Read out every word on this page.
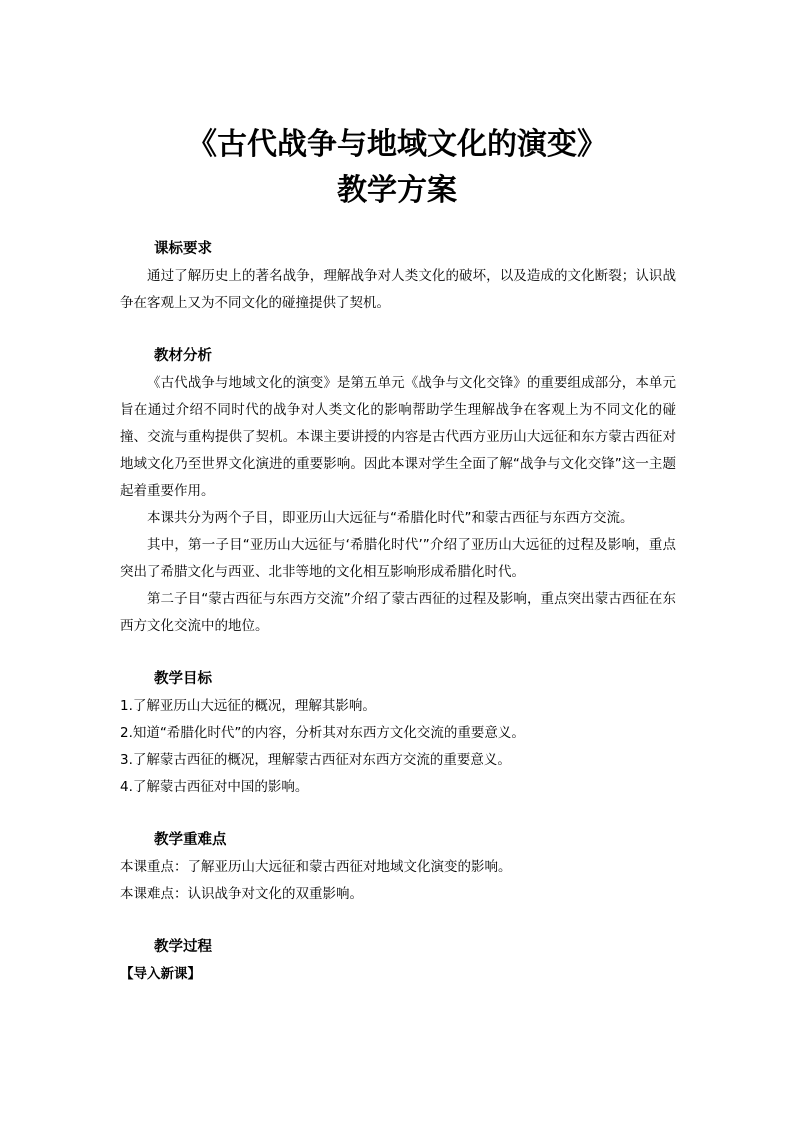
《古代战争与地域文化的演变》
教学方案
课标要求
通过了解历史上的著名战争，理解战争对人类文化的破坏，以及造成的文化断裂；认识战争在客观上又为不同文化的碰撞提供了契机。
教材分析
《古代战争与地域文化的演变》是第五单元《战争与文化交锋》的重要组成部分，本单元旨在通过介绍不同时代的战争对人类文化的影响帮助学生理解战争在客观上为不同文化的碰撞、交流与重构提供了契机。本课主要讲授的内容是古代西方亚历山大远征和东方蒙古西征对地域文化乃至世界文化演进的重要影响。因此本课对学生全面了解“战争与文化交锋”这一主题起着重要作用。
本课共分为两个子目，即亚历山大远征与“希腊化时代”和蒙古西征与东西方交流。
其中，第一子目“亚历山大远征与‘希腊化时代’”介绍了亚历山大远征的过程及影响，重点突出了希腊文化与西亚、北非等地的文化相互影响形成希腊化时代。
第二子目“蒙古西征与东西方交流”介绍了蒙古西征的过程及影响，重点突出蒙古西征在东西方文化交流中的地位。
教学目标
1.了解亚历山大远征的概况，理解其影响。
2.知道“希腊化时代”的内容，分析其对东西方文化交流的重要意义。
3.了解蒙古西征的概况，理解蒙古西征对东西方交流的重要意义。
4.了解蒙古西征对中国的影响。
教学重难点
本课重点：了解亚历山大远征和蒙古西征对地域文化演变的影响。
本课难点：认识战争对文化的双重影响。
教学过程
【导入新课】
